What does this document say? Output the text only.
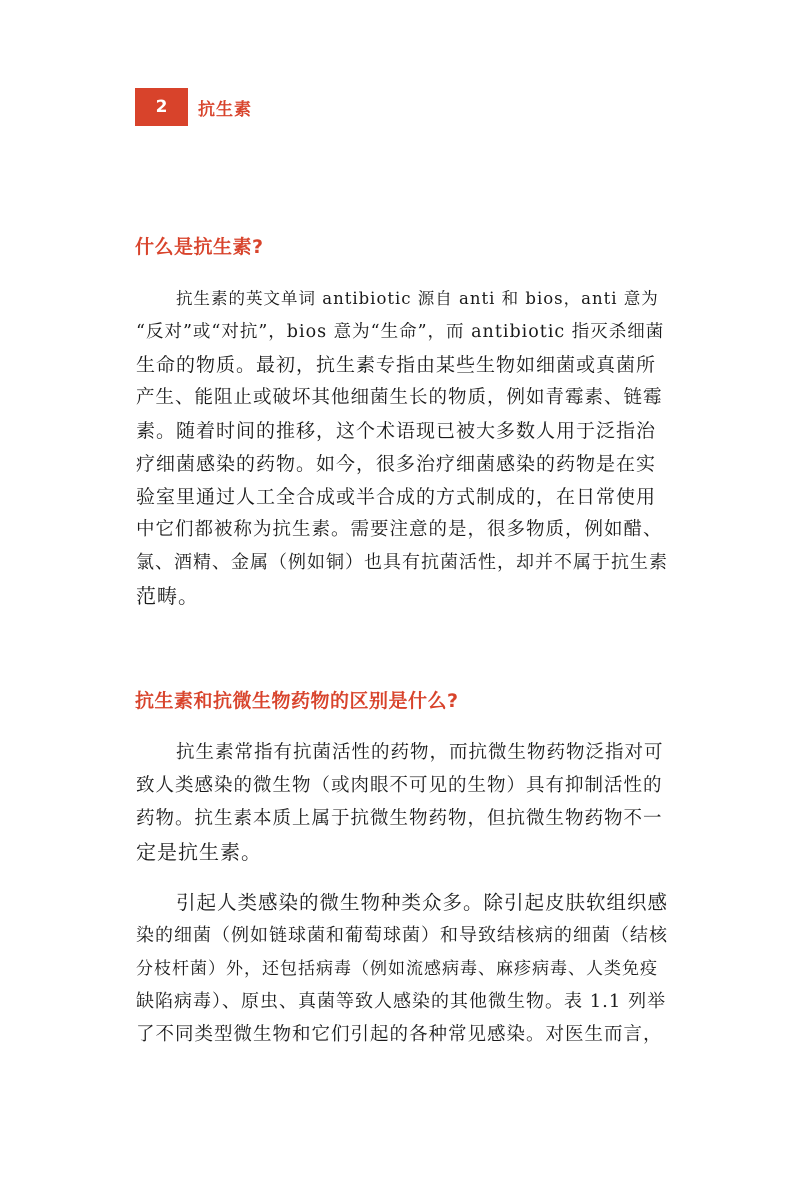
2 抗生素
什么是抗生素?
抗生素的英文单词 antibiotic 源自 anti 和 bios，anti 意为
“反对”或“对抗”，bios 意为“生命”，而 antibiotic 指灭杀细菌
生命的物质。最初，抗生素专指由某些生物如细菌或真菌所
产生、能阻止或破坏其他细菌生长的物质，例如青霉素、链霉
素。随着时间的推移，这个术语现已被大多数人用于泛指治
疗细菌感染的药物。如今，很多治疗细菌感染的药物是在实
验室里通过人工全合成或半合成的方式制成的，在日常使用
中它们都被称为抗生素。需要注意的是，很多物质，例如醋、
氯、酒精、金属（例如铜）也具有抗菌活性，却并不属于抗生素
范畴。
抗生素和抗微生物药物的区别是什么?
抗生素常指有抗菌活性的药物，而抗微生物药物泛指对可
致人类感染的微生物（或肉眼不可见的生物）具有抑制活性的
药物。抗生素本质上属于抗微生物药物，但抗微生物药物不一
定是抗生素。
引起人类感染的微生物种类众多。除引起皮肤软组织感
染的细菌（例如链球菌和葡萄球菌）和导致结核病的细菌（结核
分枝杆菌）外，还包括病毒（例如流感病毒、麻疹病毒、人类免疫
缺陷病毒）、原虫、真菌等致人感染的其他微生物。表 1.1 列举
了不同类型微生物和它们引起的各种常见感染。对医生而言，
